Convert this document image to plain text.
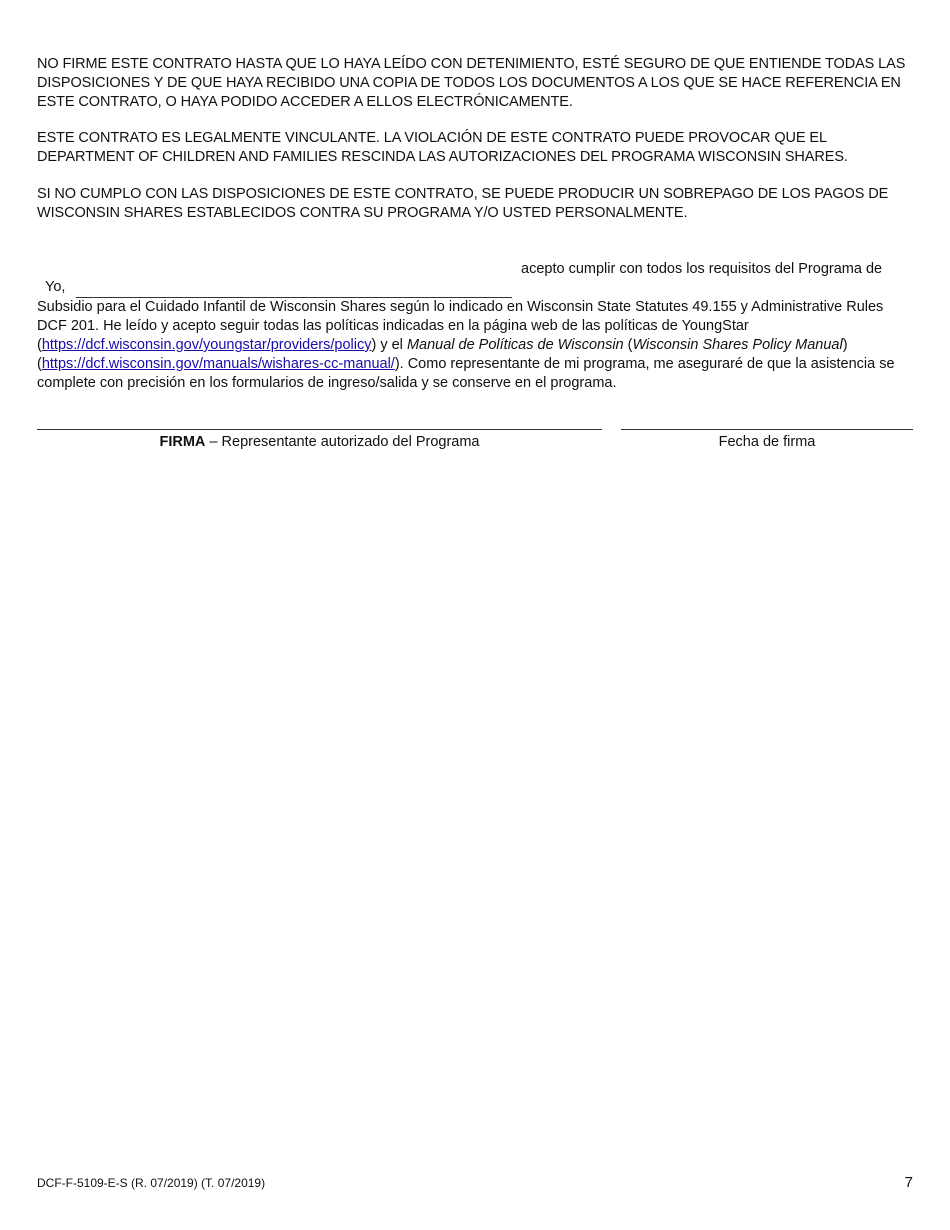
NO FIRME ESTE CONTRATO HASTA QUE LO HAYA LEÍDO CON DETENIMIENTO, ESTÉ SEGURO DE QUE ENTIENDE TODAS LAS DISPOSICIONES Y DE QUE HAYA RECIBIDO UNA COPIA DE TODOS LOS DOCUMENTOS A LOS QUE SE HACE REFERENCIA EN ESTE CONTRATO, O HAYA PODIDO ACCEDER A ELLOS ELECTRÓNICAMENTE.

ESTE CONTRATO ES LEGALMENTE VINCULANTE. LA VIOLACIÓN DE ESTE CONTRATO PUEDE PROVOCAR QUE EL DEPARTMENT OF CHILDREN AND FAMILIES RESCINDA LAS AUTORIZACIONES DEL PROGRAMA WISCONSIN SHARES.

SI NO CUMPLO CON LAS DISPOSICIONES DE ESTE CONTRATO, SE PUEDE PRODUCIR UN SOBREPAGO DE LOS PAGOS DE WISCONSIN SHARES ESTABLECIDOS CONTRA SU PROGRAMA Y/O USTED PERSONALMENTE.

Yo,
acepto cumplir con todos los requisitos del Programa de

Subsidio para el Cuidado Infantil de Wisconsin Shares según lo indicado en Wisconsin State Statutes 49.155 y Administrative Rules DCF 201. He leído y acepto seguir todas las políticas indicadas en la página web de las políticas de YoungStar (https://dcf.wisconsin.gov/youngstar/providers/policy) y el Manual de Políticas de Wisconsin (Wisconsin Shares Policy Manual) (https://dcf.wisconsin.gov/manuals/wishares-cc-manual/). Como representante de mi programa, me aseguraré de que la asistencia se complete con precisión en los formularios de ingreso/salida y se conserve en el programa.

FIRMA – Representante autorizado del Programa	Fecha de firma
DCF-F-5109-E-S (R. 07/2019) (T. 07/2019)	7
